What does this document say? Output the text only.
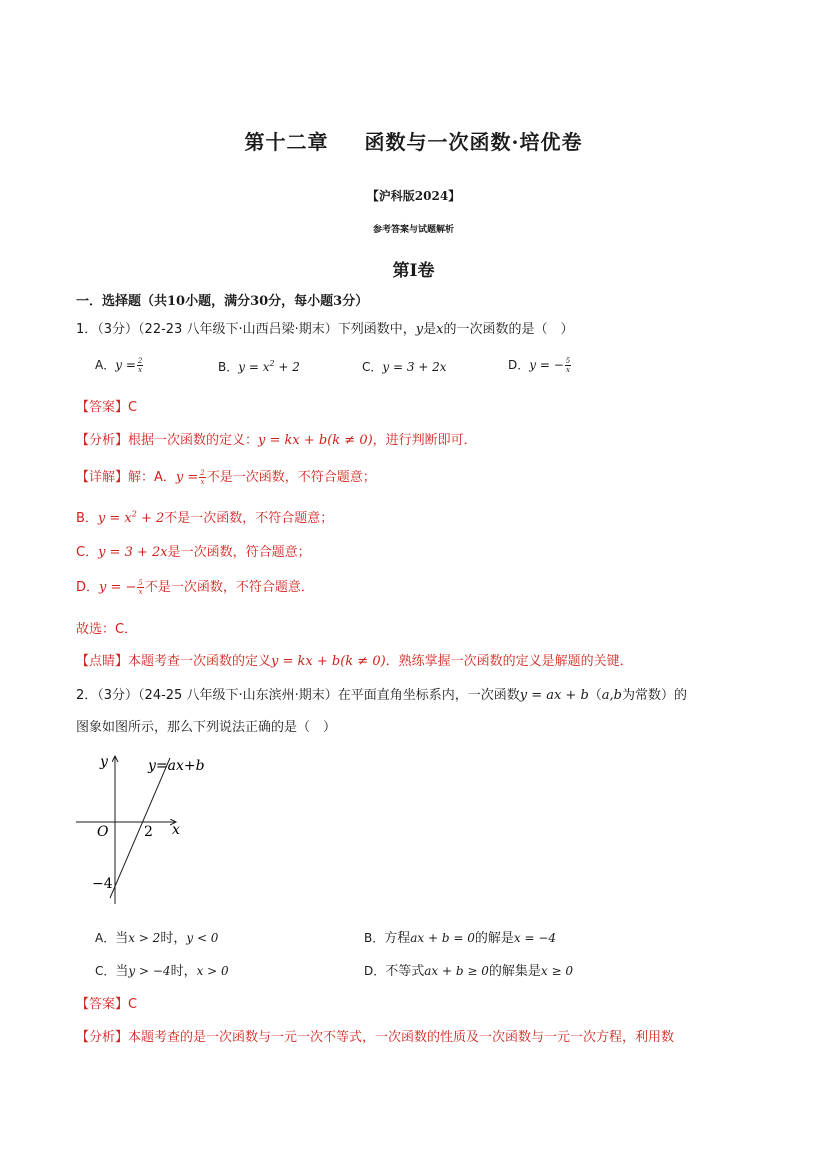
第十二章 函数与一次函数·培优卷
【沪科版2024】
参考答案与试题解析
第Ⅰ卷
一．选择题（共10小题，满分30分，每小题3分）
1．（3分）（22-23 八年级下·山西吕梁·期末）下列函数中，y是x的一次函数的是（　）
A．$y = \frac{2}{x}$	B．$y = x^2 + 2$	C．y = 3 + 2x	D．y = − $\frac{5}{x}$
【答案】C
【分析】根据一次函数的定义：y = kx + b(k ≠ 0)，进行判断即可．
【详解】解：A．$y = \frac{2}{x}$ 不是一次函数，不符合题意；
B．$y = x^2 + 2$不是一次函数，不符合题意；
C．y = 3 + 2x是一次函数，符合题意；
D．y = − $\frac{5}{x}$ 不是一次函数，不符合题意．
故选：C．
【点睛】本题考查一次函数的定义y = kx + b(k ≠ 0)．熟练掌握一次函数的定义是解题的关键．
2．（3分）（24-25 八年级下·山东滨州·期末）在平面直角坐标系内，一次函数y = ax + b（a,b为常数）的
图象如图所示，那么下列说法正确的是（　）
y
x
O
y=ax+b
2
−4
A．当x > 2时，y < 0	B．方程ax + b = 0的解是x = −4
C．当y > −4时，x > 0	D．不等式ax + b ≥ 0的解集是x ≥ 0
【答案】C
【分析】本题考查的是一次函数与一元一次不等式，一次函数的性质及一次函数与一元一次方程，利用数
